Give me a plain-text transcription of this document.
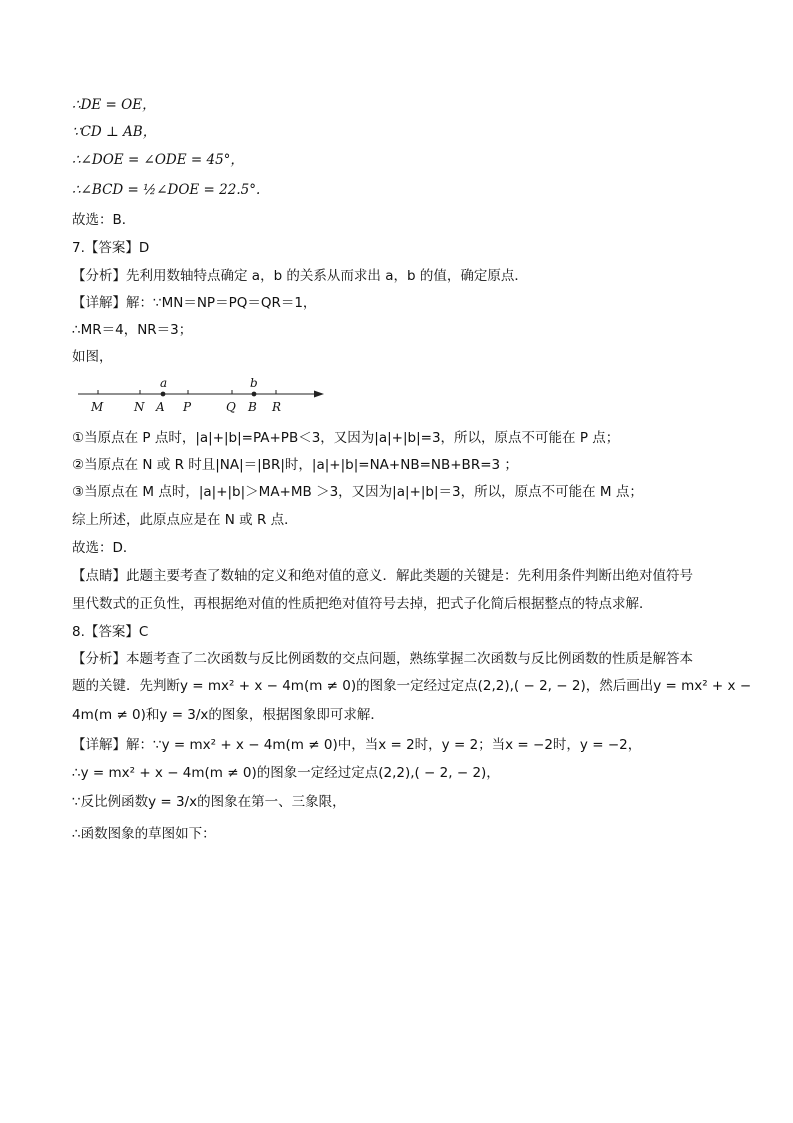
∴DE = OE，
∵CD ⊥ AB，
∴∠DOE = ∠ODE = 45°，
∴∠BCD = ½∠DOE = 22.5°.
故选：B．
7.【答案】D
【分析】先利用数轴特点确定 a，b 的关系从而求出 a，b 的值，确定原点．
【详解】解：∵MN＝NP＝PQ＝QR＝1，
∴MR＝4，NR＝3；
如图，
M	N A P	Q B R
a	b
①当原点在 P 点时，|a|+|b|=PA+PB＜3，又因为|a|+|b|=3，所以，原点不可能在 P 点；
②当原点在 N 或 R 时且|NA|＝|BR|时，|a|+|b|=NA+NB=NB+BR=3 ；
③当原点在 M 点时，|a|+|b|＞MA+MB ＞3，又因为|a|+|b|＝3，所以，原点不可能在 M 点；
综上所述，此原点应是在 N 或 R 点．
故选：D．
【点睛】此题主要考查了数轴的定义和绝对值的意义．解此类题的关键是：先利用条件判断出绝对值符号
里代数式的正负性，再根据绝对值的性质把绝对值符号去掉，把式子化简后根据整点的特点求解．
8.【答案】C
【分析】本题考查了二次函数与反比例函数的交点问题，熟练掌握二次函数与反比例函数的性质是解答本
题的关键．先判断y = mx² + x − 4m(m ≠ 0)的图象一定经过定点(2,2),( − 2, − 2)，然后画出y = mx² + x −
4m(m ≠ 0)和y = 3/x的图象，根据图象即可求解．
【详解】解：∵y = mx² + x − 4m(m ≠ 0)中，当x = 2时，y = 2；当x = −2时，y = −2，
∴y = mx² + x − 4m(m ≠ 0)的图象一定经过定点(2,2),( − 2, − 2)，
∵反比例函数y = 3/x的图象在第一、三象限，
∴函数图象的草图如下：
